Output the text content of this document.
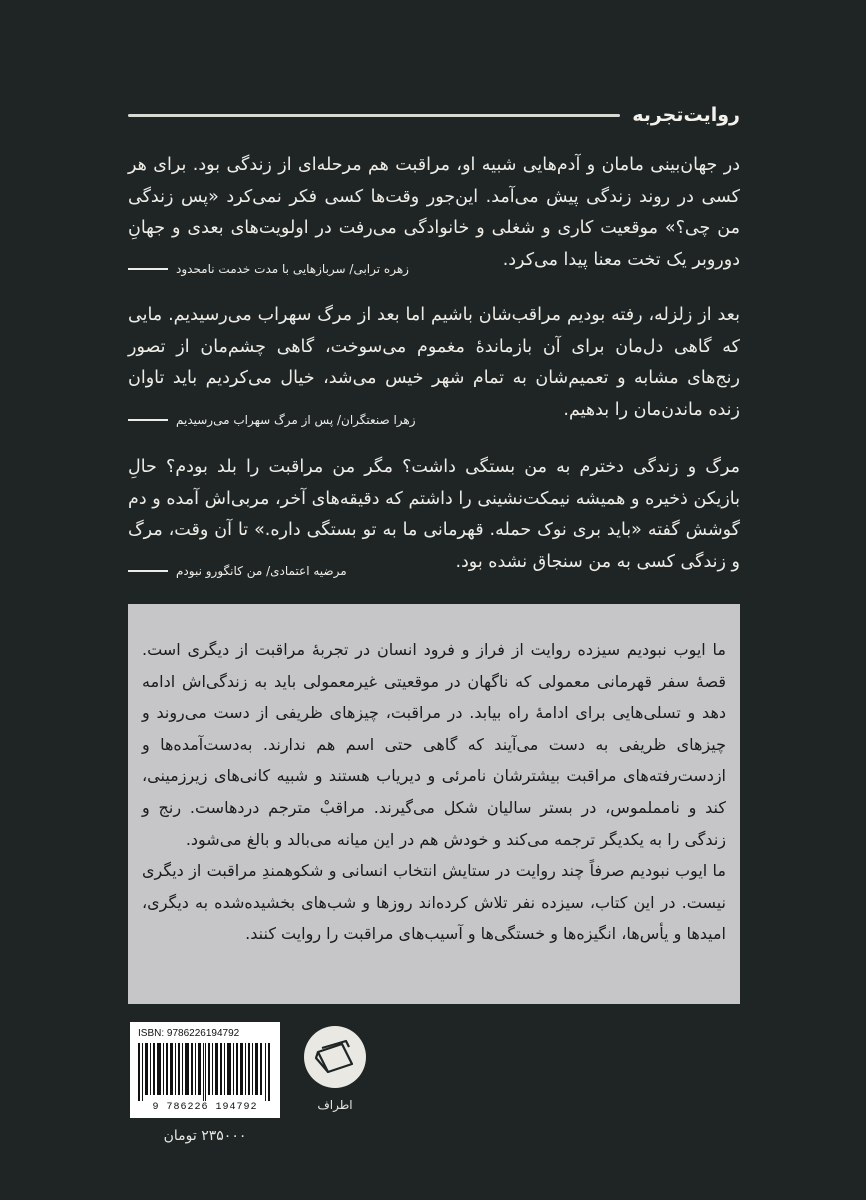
روایت‌تجربه

در جهان‌بینی مامان و آدم‌هایی شبیه او، مراقبت هم مرحله‌ای از زندگی بود. برای هر کسی در روند زندگی پیش می‌آمد. این‌جور وقت‌ها کسی فکر نمی‌کرد «پس زندگی من چی؟» موقعیت کاری و شغلی و خانوادگی می‌رفت در اولویت‌های بعدی و جهانِ دوروبر یک تخت معنا پیدا می‌کرد.

زهره ترابی/ سربازهایی با مدت خدمت نامحدود

بعد از زلزله، رفته بودیم مراقب‌شان باشیم اما بعد از مرگ سهراب می‌رسیدیم. مایی که گاهی دل‌مان برای آن بازماندهٔ مغموم می‌سوخت، گاهی چشم‌مان از تصور رنج‌های مشابه و تعمیم‌شان به تمام شهر خیس می‌شد، خیال می‌کردیم باید تاوان زنده ماندن‌مان را بدهیم.

زهرا صنعتگران/ پس از مرگ سهراب می‌رسیدیم

مرگ و زندگی دخترم به من بستگی داشت؟ مگر من مراقبت را بلد بودم؟ حالِ بازیکن ذخیره و همیشه نیمکت‌نشینی را داشتم که دقیقه‌های آخر، مربی‌اش آمده و دم گوشش گفته «باید بری نوک حمله. قهرمانی ما به تو بستگی داره.» تا آن وقت، مرگ و زندگی کسی به من سنجاق نشده بود.

مرضیه اعتمادی/ من کانگورو نبودم

ما ایوب نبودیم سیزده روایت از فراز و فرود انسان در تجربهٔ مراقبت از دیگری است. قصهٔ سفر قهرمانی معمولی که ناگهان در موقعیتی غیرمعمولی باید به زندگی‌اش ادامه دهد و تسلی‌هایی برای ادامهٔ راه بیابد. در مراقبت، چیزهای ظریفی از دست می‌روند و چیزهای ظریفی به دست می‌آیند که گاهی حتی اسم هم ندارند. به‌دست‌آمده‌ها و ازدست‌رفته‌های مراقبت بیشترشان نامرئی و دیریاب هستند و شبیه کانی‌های زیرزمینی، کند و نامملموس، در بستر سالیان شکل می‌گیرند. مراقبْ مترجم دردهاست. رنج و زندگی را به یکدیگر ترجمه می‌کند و خودش هم در این میانه می‌بالد و بالغ می‌شود.

ما ایوب نبودیم صرفاً چند روایت در ستایش انتخاب انسانی و شکوهمندِ مراقبت از دیگری نیست. در این کتاب، سیزده نفر تلاش کرده‌اند روزها و شب‌های بخشیده‌شده به دیگری، امیدها و یأس‌ها، انگیزه‌ها و خستگی‌ها و آسیب‌های مراقبت را روایت کنند.

ISBN: 9786226194792
9 786226 194792
۲۳۵۰۰۰ تومان
اطراف
